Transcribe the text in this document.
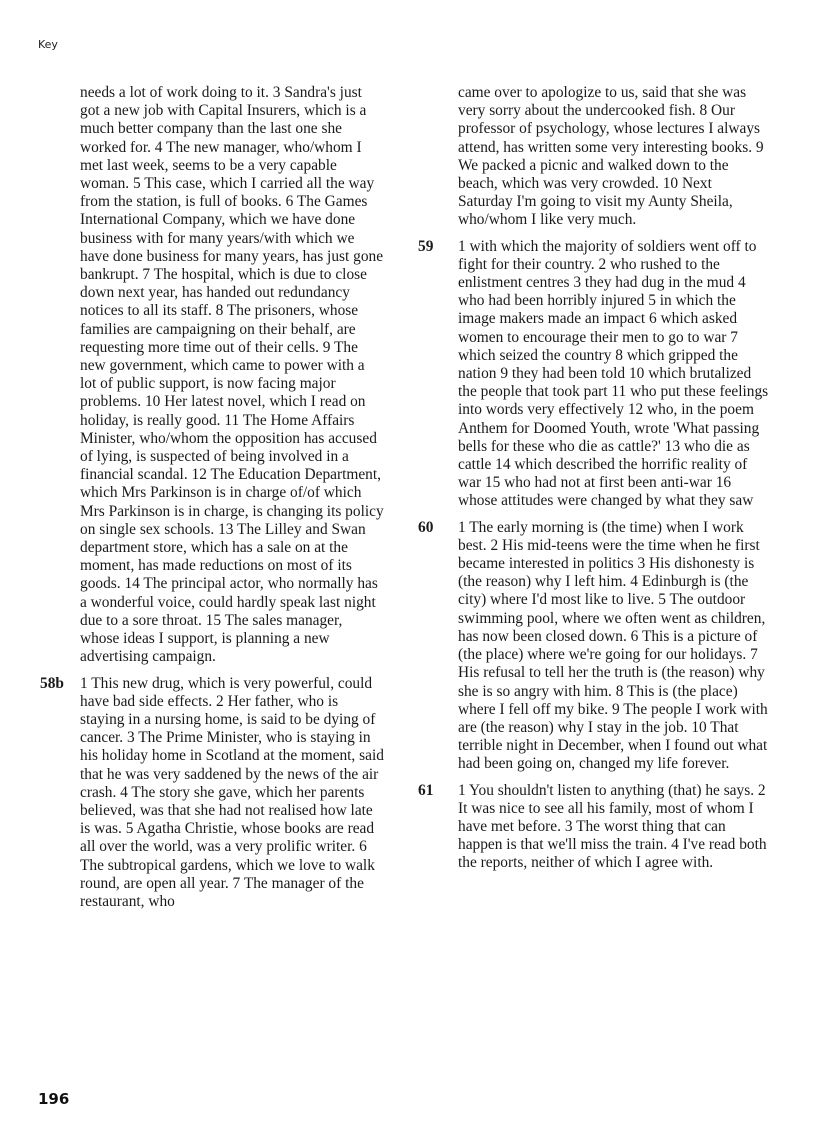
Key
needs a lot of work doing to it. 3 Sandra's just got a new job with Capital Insurers, which is a much better company than the last one she worked for. 4 The new manager, who/whom I met last week, seems to be a very capable woman. 5 This case, which I carried all the way from the station, is full of books. 6 The Games International Company, which we have done business with for many years/with which we have done business for many years, has just gone bankrupt. 7 The hospital, which is due to close down next year, has handed out redundancy notices to all its staff. 8 The prisoners, whose families are campaigning on their behalf, are requesting more time out of their cells. 9 The new government, which came to power with a lot of public support, is now facing major problems. 10 Her latest novel, which I read on holiday, is really good. 11 The Home Affairs Minister, who/whom the opposition has accused of lying, is suspected of being involved in a financial scandal. 12 The Education Department, which Mrs Parkinson is in charge of/of which Mrs Parkinson is in charge, is changing its policy on single sex schools. 13 The Lilley and Swan department store, which has a sale on at the moment, has made reductions on most of its goods. 14 The principal actor, who normally has a wonderful voice, could hardly speak last night due to a sore throat. 15 The sales manager, whose ideas I support, is planning a new advertising campaign.
58b 1 This new drug, which is very powerful, could have bad side effects. 2 Her father, who is staying in a nursing home, is said to be dying of cancer. 3 The Prime Minister, who is staying in his holiday home in Scotland at the moment, said that he was very saddened by the news of the air crash. 4 The story she gave, which her parents believed, was that she had not realised how late is was. 5 Agatha Christie, whose books are read all over the world, was a very prolific writer. 6 The subtropical gardens, which we love to walk round, are open all year. 7 The manager of the restaurant, who
came over to apologize to us, said that she was very sorry about the undercooked fish. 8 Our professor of psychology, whose lectures I always attend, has written some very interesting books. 9 We packed a picnic and walked down to the beach, which was very crowded. 10 Next Saturday I'm going to visit my Aunty Sheila, who/whom I like very much.
59 1 with which the majority of soldiers went off to fight for their country. 2 who rushed to the enlistment centres 3 they had dug in the mud 4 who had been horribly injured 5 in which the image makers made an impact 6 which asked women to encourage their men to go to war 7 which seized the country 8 which gripped the nation 9 they had been told 10 which brutalized the people that took part 11 who put these feelings into words very effectively 12 who, in the poem Anthem for Doomed Youth, wrote 'What passing bells for these who die as cattle?' 13 who die as cattle 14 which described the horrific reality of war 15 who had not at first been anti-war 16 whose attitudes were changed by what they saw
60 1 The early morning is (the time) when I work best. 2 His mid-teens were the time when he first became interested in politics 3 His dishonesty is (the reason) why I left him. 4 Edinburgh is (the city) where I'd most like to live. 5 The outdoor swimming pool, where we often went as children, has now been closed down. 6 This is a picture of (the place) where we're going for our holidays. 7 His refusal to tell her the truth is (the reason) why she is so angry with him. 8 This is (the place) where I fell off my bike. 9 The people I work with are (the reason) why I stay in the job. 10 That terrible night in December, when I found out what had been going on, changed my life forever.
61 1 You shouldn't listen to anything (that) he says. 2 It was nice to see all his family, most of whom I have met before. 3 The worst thing that can happen is that we'll miss the train. 4 I've read both the reports, neither of which I agree with.
196
